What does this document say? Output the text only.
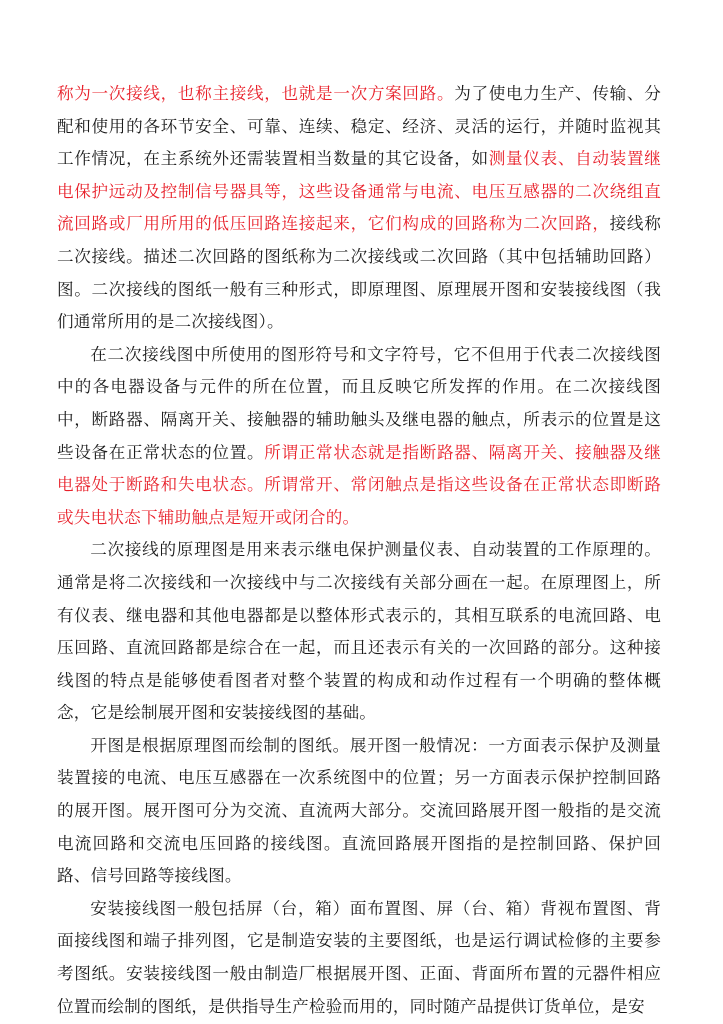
称为一次接线，也称主接线，也就是一次方案回路。为了使电力生产、传输、分配和使用的各环节安全、可靠、连续、稳定、经济、灵活的运行，并随时监视其工作情况，在主系统外还需装置相当数量的其它设备，如测量仪表、自动装置继电保护远动及控制信号器具等，这些设备通常与电流、电压互感器的二次绕组直流回路或厂用所用的低压回路连接起来，它们构成的回路称为二次回路，接线称二次接线。描述二次回路的图纸称为二次接线或二次回路（其中包括辅助回路）图。二次接线的图纸一般有三种形式，即原理图、原理展开图和安装接线图（我们通常所用的是二次接线图）。

在二次接线图中所使用的图形符号和文字符号，它不但用于代表二次接线图中的各电器设备与元件的所在位置，而且反映它所发挥的作用。在二次接线图中，断路器、隔离开关、接触器的辅助触头及继电器的触点，所表示的位置是这些设备在正常状态的位置。所谓正常状态就是指断路器、隔离开关、接触器及继电器处于断路和失电状态。所谓常开、常闭触点是指这些设备在正常状态即断路或失电状态下辅助触点是短开或闭合的。

二次接线的原理图是用来表示继电保护测量仪表、自动装置的工作原理的。通常是将二次接线和一次接线中与二次接线有关部分画在一起。在原理图上，所有仪表、继电器和其他电器都是以整体形式表示的，其相互联系的电流回路、电压回路、直流回路都是综合在一起，而且还表示有关的一次回路的部分。这种接线图的特点是能够使看图者对整个装置的构成和动作过程有一个明确的整体概念，它是绘制展开图和安装接线图的基础。

开图是根据原理图而绘制的图纸。展开图一般情况：一方面表示保护及测量装置接的电流、电压互感器在一次系统图中的位置；另一方面表示保护控制回路的展开图。展开图可分为交流、直流两大部分。交流回路展开图一般指的是交流电流回路和交流电压回路的接线图。直流回路展开图指的是控制回路、保护回路、信号回路等接线图。

安装接线图一般包括屏（台，箱）面布置图、屏（台、箱）背视布置图、背面接线图和端子排列图，它是制造安装的主要图纸，也是运行调试检修的主要参考图纸。安装接线图一般由制造厂根据展开图、正面、背面所布置的元器件相应位置而绘制的图纸，是供指导生产检验而用的，同时随产品提供订货单位，是安
